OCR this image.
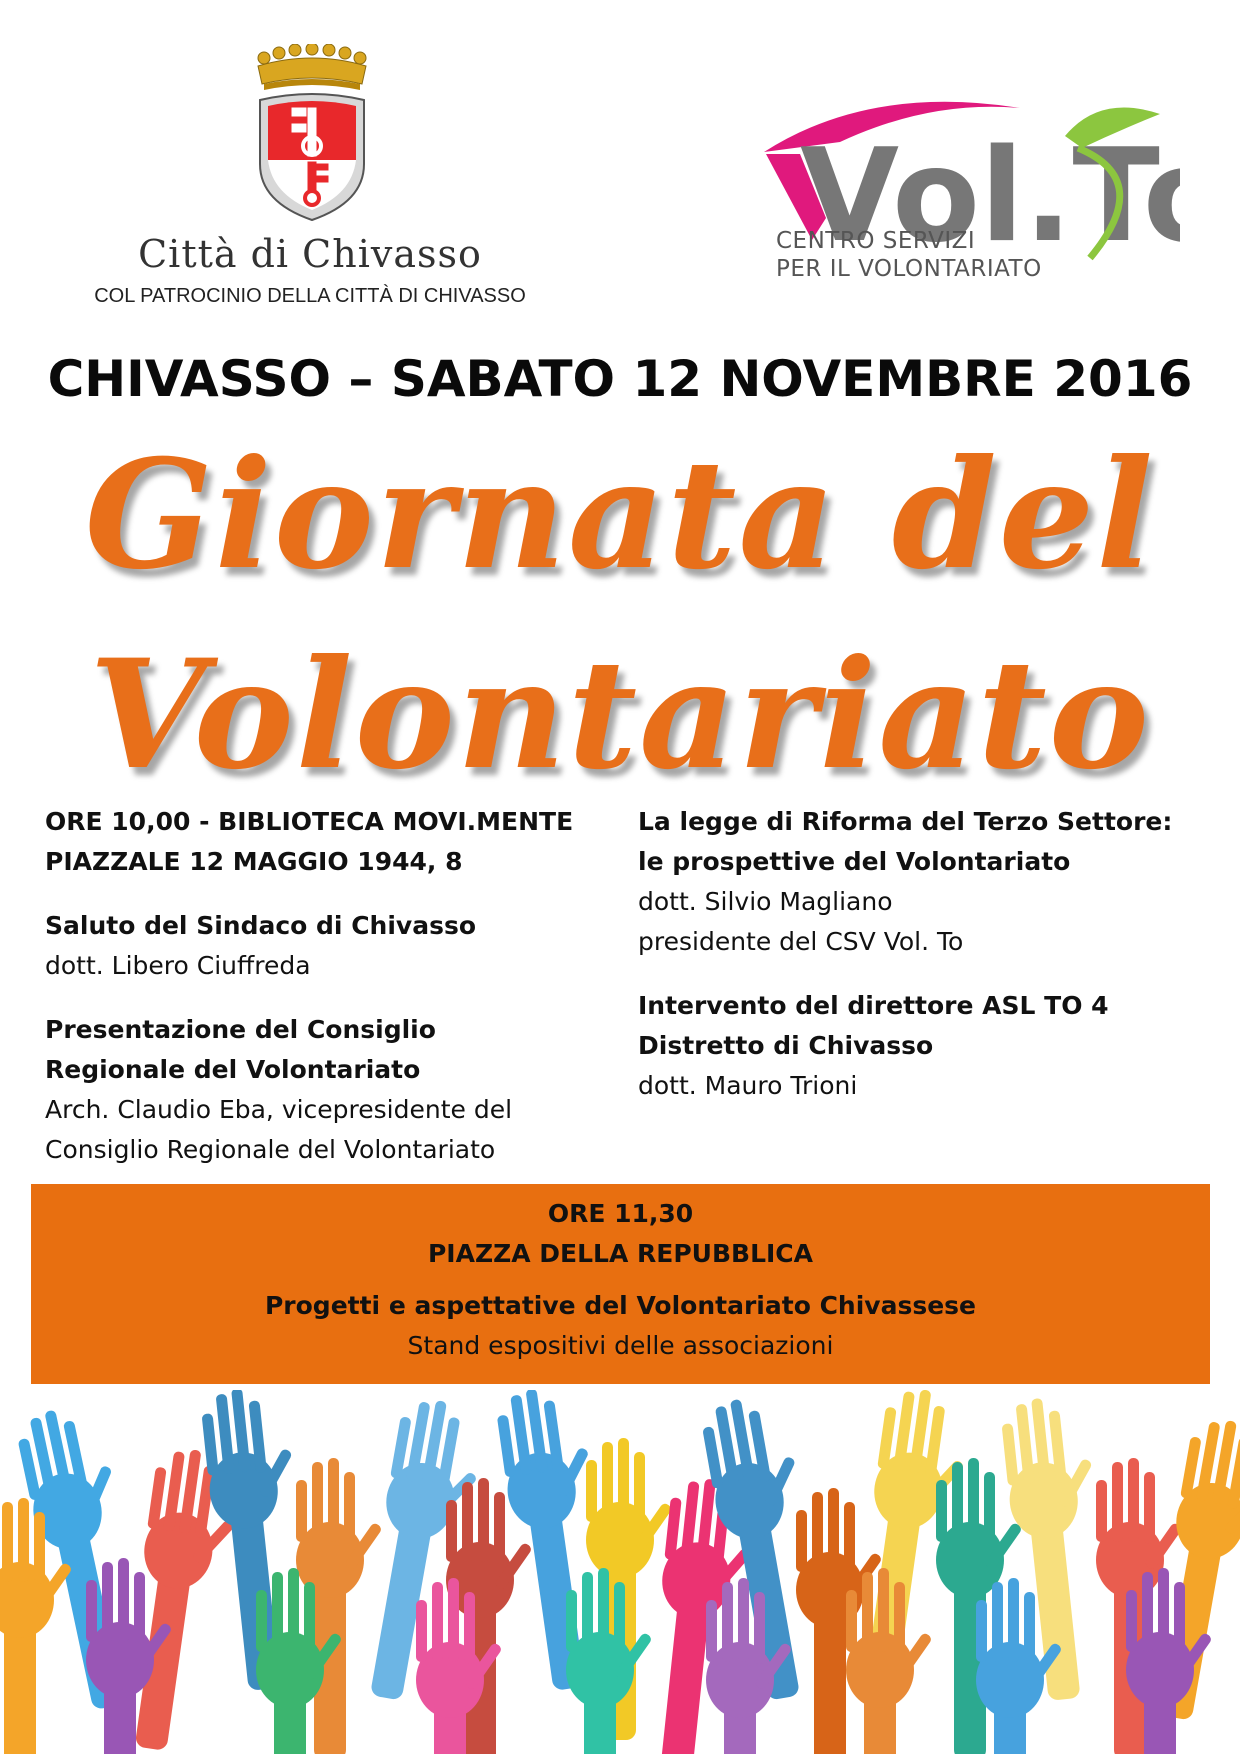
Città di Chivasso
COL PATROCINIO DELLA CITTÀ DI CHIVASSO
Vol.T
CENTRO SERVIZI
PER IL VOLONTARIATO
CHIVASSO – SABATO 12 NOVEMBRE 2016
Giornata del
Volontariato
ORE 10,00 - BIBLIOTECA MOVI.MENTE
PIAZZALE 12 MAGGIO 1944, 8
Saluto del Sindaco di Chivasso
dott. Libero Ciuffreda
Presentazione del Consiglio
Regionale del Volontariato
Arch. Claudio Eba, vicepresidente del
Consiglio Regionale del Volontariato
La legge di Riforma del Terzo Settore:
le prospettive del Volontariato
dott. Silvio Magliano
presidente del CSV Vol. To
Intervento del direttore ASL TO 4
Distretto di Chivasso
dott. Mauro Trioni
ORE 11,30
PIAZZA DELLA REPUBBLICA
Progetti e aspettative del Volontariato Chivassese
Stand espositivi delle associazioni
